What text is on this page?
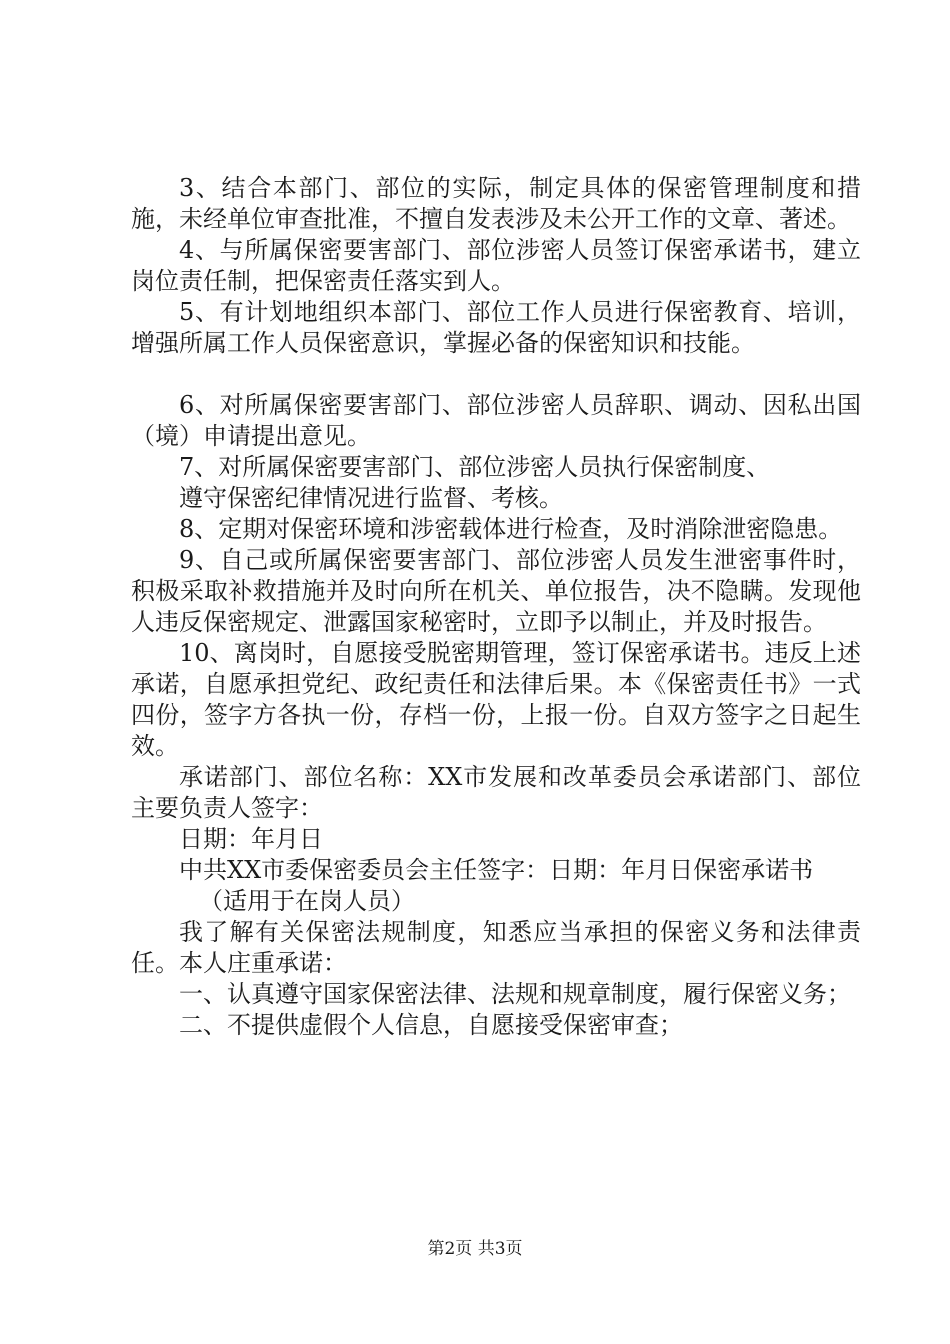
3、结合本部门、部位的实际，制定具体的保密管理制度和措施，未经单位审查批准，不擅自发表涉及未公开工作的文章、著述。

4、与所属保密要害部门、部位涉密人员签订保密承诺书，建立岗位责任制，把保密责任落实到人。

5、有计划地组织本部门、部位工作人员进行保密教育、培训，增强所属工作人员保密意识，掌握必备的保密知识和技能。

6、对所属保密要害部门、部位涉密人员辞职、调动、因私出国（境）申请提出意见。

7、对所属保密要害部门、部位涉密人员执行保密制度、

遵守保密纪律情况进行监督、考核。

8、定期对保密环境和涉密载体进行检查，及时消除泄密隐患。

9、自己或所属保密要害部门、部位涉密人员发生泄密事件时，积极采取补救措施并及时向所在机关、单位报告，决不隐瞒。发现他人违反保密规定、泄露国家秘密时，立即予以制止，并及时报告。

10、离岗时，自愿接受脱密期管理，签订保密承诺书。违反上述承诺，自愿承担党纪、政纪责任和法律后果。本《保密责任书》一式四份，签字方各执一份，存档一份，上报一份。自双方签字之日起生效。

承诺部门、部位名称：XX市发展和改革委员会承诺部门、部位主要负责人签字：

日期：年月日

中共XX市委保密委员会主任签字：日期：年月日保密承诺书

（适用于在岗人员）

我了解有关保密法规制度，知悉应当承担的保密义务和法律责任。本人庄重承诺：

一、认真遵守国家保密法律、法规和规章制度，履行保密义务；

二、不提供虚假个人信息，自愿接受保密审查；

第2页 共3页
